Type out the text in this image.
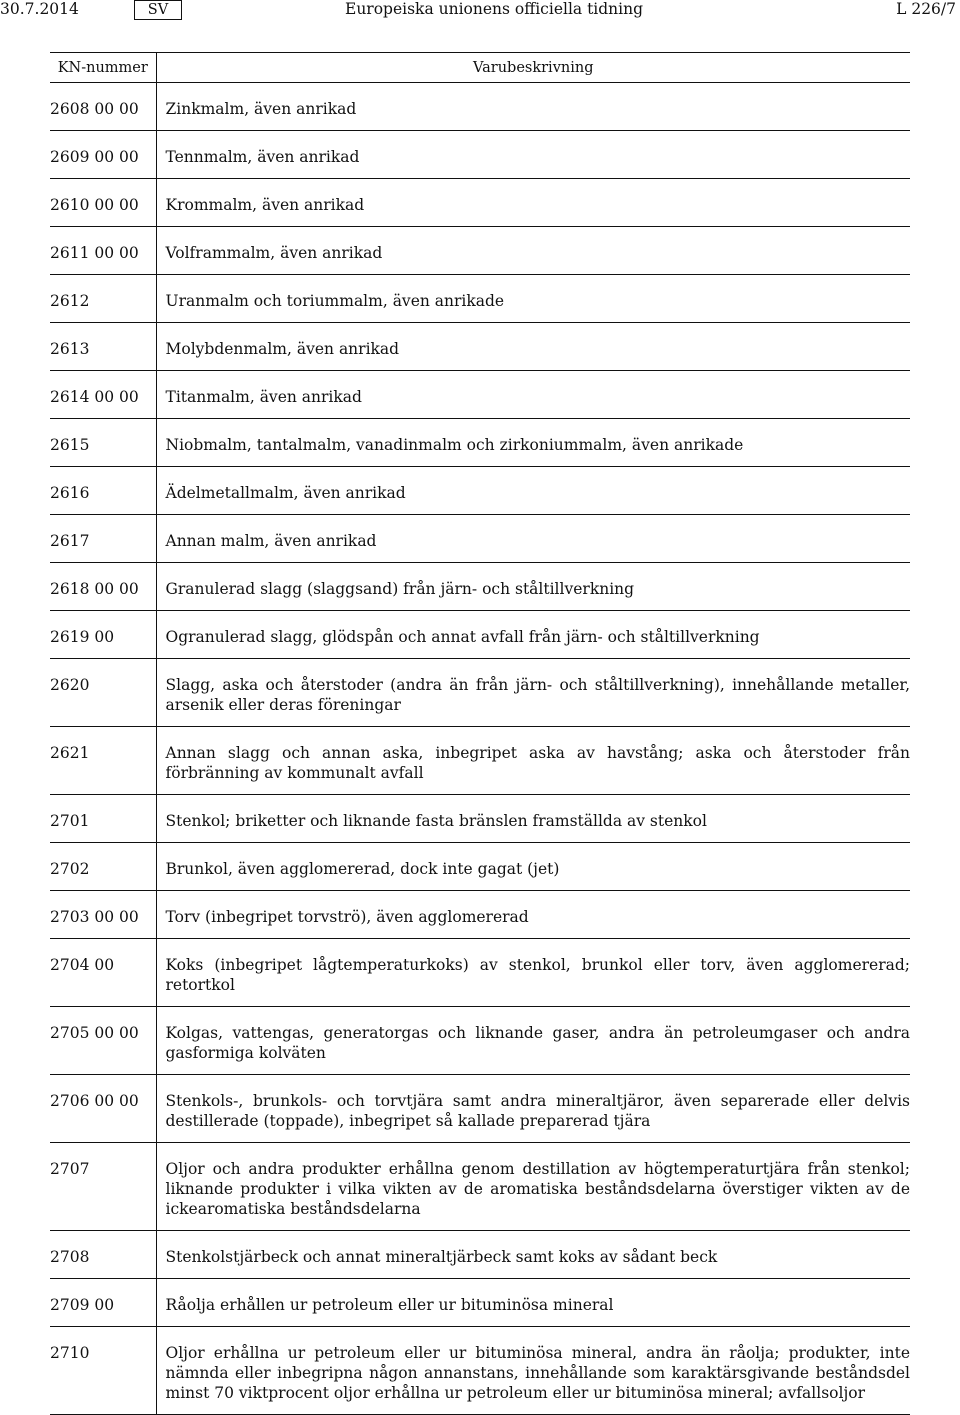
30.7.2014	SV	Europeiska unionens officiella tidning	L 226/7
KN-nummer	Varubeskrivning
2608 00 00	Zinkmalm, även anrikad
2609 00 00	Tennmalm, även anrikad
2610 00 00	Krommalm, även anrikad
2611 00 00	Volframmalm, även anrikad
2612	Uranmalm och toriummalm, även anrikade
2613	Molybdenmalm, även anrikad
2614 00 00	Titanmalm, även anrikad
2615	Niobmalm, tantalmalm, vanadinmalm och zirkoniummalm, även anrikade
2616	Ädelmetallmalm, även anrikad
2617	Annan malm, även anrikad
2618 00 00	Granulerad slagg (slaggsand) från järn- och ståltillverkning
2619 00	Ogranulerad slagg, glödspån och annat avfall från järn- och ståltillverkning
2620	Slagg, aska och återstoder (andra än från järn- och ståltillverkning), innehållande metaller, arsenik eller deras föreningar
2621	Annan slagg och annan aska, inbegripet aska av havstång; aska och återstoder från förbränning av kommunalt avfall
2701	Stenkol; briketter och liknande fasta bränslen framställda av stenkol
2702	Brunkol, även agglomererad, dock inte gagat (jet)
2703 00 00	Torv (inbegripet torvströ), även agglomererad
2704 00	Koks (inbegripet lågtemperaturkoks) av stenkol, brunkol eller torv, även agglomererad; retortkol
2705 00 00	Kolgas, vattengas, generatorgas och liknande gaser, andra än petroleumgaser och andra gasformiga kolväten
2706 00 00	Stenkols-, brunkols- och torvtjära samt andra mineraltjäror, även separerade eller delvis destillerade (toppade), inbegripet så kallade preparerad tjära
2707	Oljor och andra produkter erhållna genom destillation av högtemperaturtjära från stenkol; liknande produkter i vilka vikten av de aromatiska beståndsdelarna överstiger vikten av de ickearomatiska beståndsdelarna
2708	Stenkolstjärbeck och annat mineraltjärbeck samt koks av sådant beck
2709 00	Råolja erhållen ur petroleum eller ur bituminösa mineral
2710	Oljor erhållna ur petroleum eller ur bituminösa mineral, andra än råolja; produkter, inte nämnda eller inbegripna någon annanstans, innehållande som karaktärsgivande beståndsdel minst 70 viktprocent oljor erhållna ur petroleum eller ur bituminösa mineral; avfallsoljor
